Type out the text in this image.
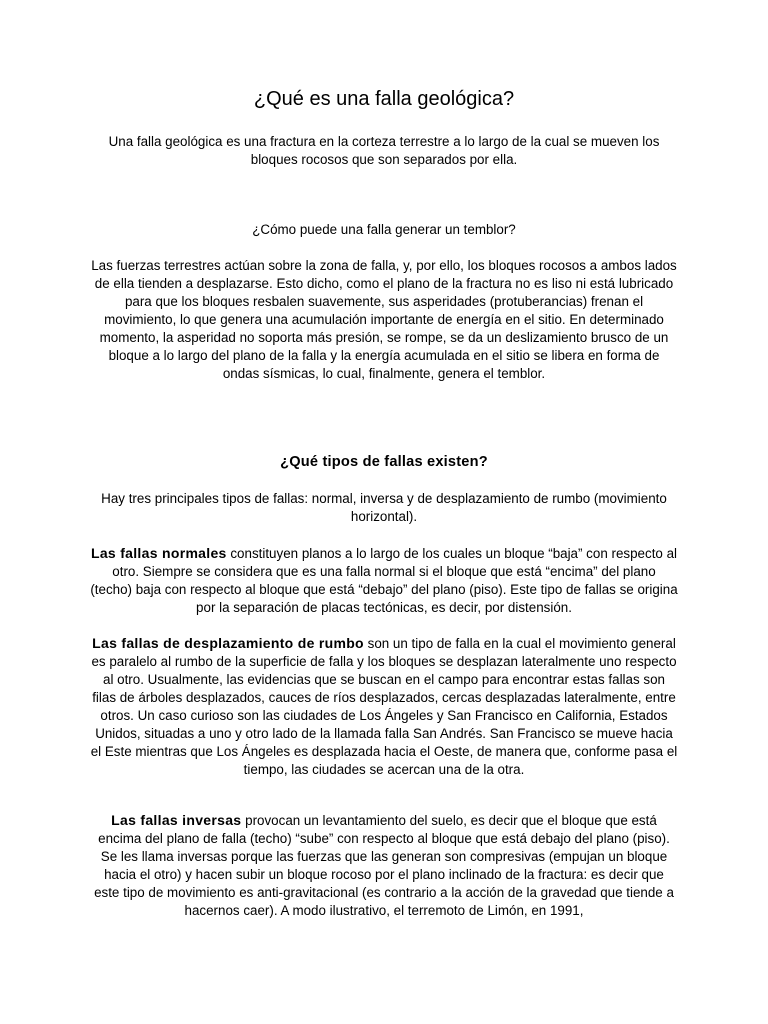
¿Qué es una falla geológica?

Una falla geológica es una fractura en la corteza terrestre a lo largo de la cual se mueven los bloques rocosos que son separados por ella.

¿Cómo puede una falla generar un temblor?

Las fuerzas terrestres actúan sobre la zona de falla, y, por ello, los bloques rocosos a ambos lados de ella tienden a desplazarse. Esto dicho, como el plano de la fractura no es liso ni está lubricado para que los bloques resbalen suavemente, sus asperidades (protuberancias) frenan el movimiento, lo que genera una acumulación importante de energía en el sitio. En determinado momento, la asperidad no soporta más presión, se rompe, se da un deslizamiento brusco de un bloque a lo largo del plano de la falla y la energía acumulada en el sitio se libera en forma de ondas sísmicas, lo cual, finalmente, genera el temblor.

¿Qué tipos de fallas existen?

Hay tres principales tipos de fallas: normal, inversa y de desplazamiento de rumbo (movimiento horizontal).

Las fallas normales constituyen planos a lo largo de los cuales un bloque “baja” con respecto al otro. Siempre se considera que es una falla normal si el bloque que está “encima” del plano (techo) baja con respecto al bloque que está “debajo” del plano (piso). Este tipo de fallas se origina por la separación de placas tectónicas, es decir, por distensión.

Las fallas de desplazamiento de rumbo son un tipo de falla en la cual el movimiento general es paralelo al rumbo de la superficie de falla y los bloques se desplazan lateralmente uno respecto al otro. Usualmente, las evidencias que se buscan en el campo para encontrar estas fallas son filas de árboles desplazados, cauces de ríos desplazados, cercas desplazadas lateralmente, entre otros. Un caso curioso son las ciudades de Los Ángeles y San Francisco en California, Estados Unidos, situadas a uno y otro lado de la llamada falla San Andrés. San Francisco se mueve hacia el Este mientras que Los Ángeles es desplazada hacia el Oeste, de manera que, conforme pasa el tiempo, las ciudades se acercan una de la otra.

Las fallas inversas provocan un levantamiento del suelo, es decir que el bloque que está encima del plano de falla (techo) “sube” con respecto al bloque que está debajo del plano (piso). Se les llama inversas porque las fuerzas que las generan son compresivas (empujan un bloque hacia el otro) y hacen subir un bloque rocoso por el plano inclinado de la fractura: es decir que este tipo de movimiento es anti-gravitacional (es contrario a la acción de la gravedad que tiende a hacernos caer). A modo ilustrativo, el terremoto de Limón, en 1991,
